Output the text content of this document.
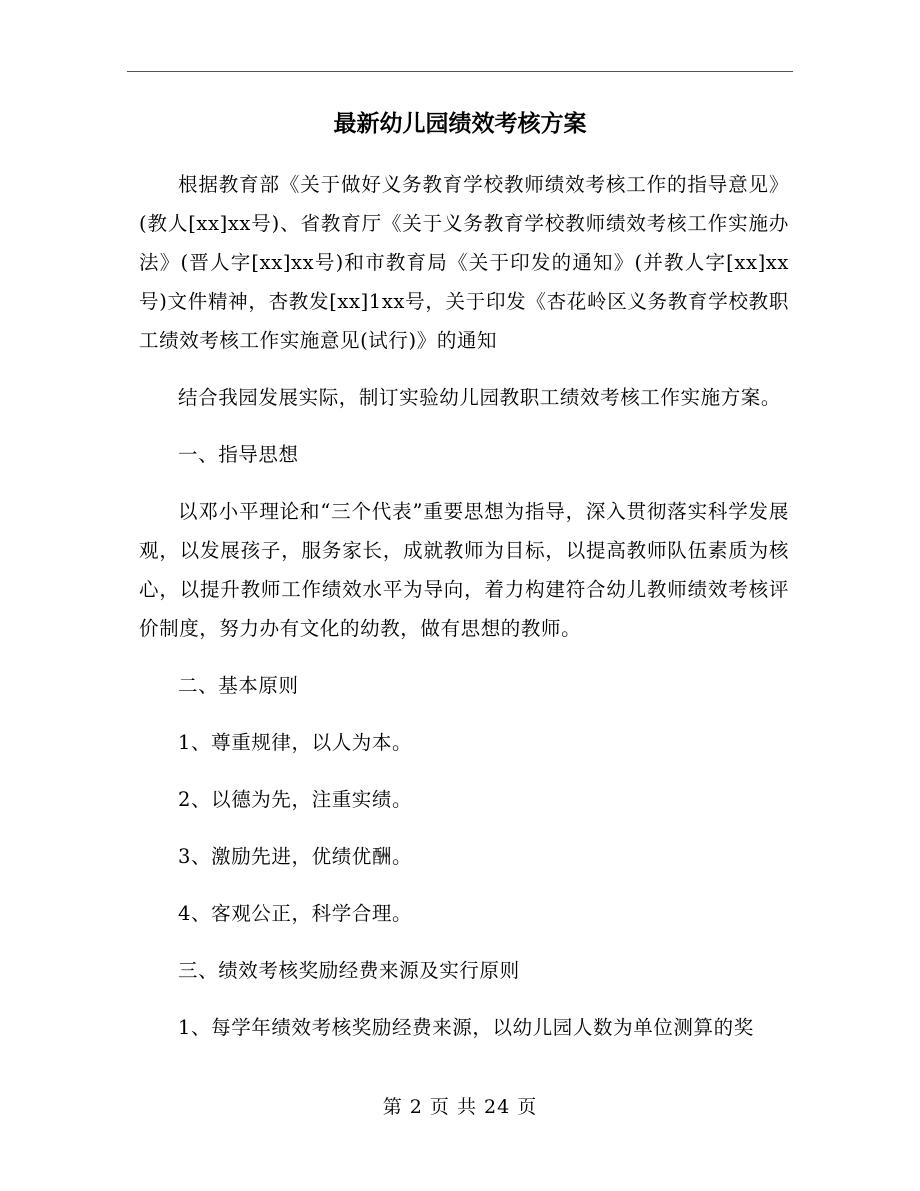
最新幼儿园绩效考核方案

根据教育部《关于做好义务教育学校教师绩效考核工作的指导意见》(教人[xx]xx号)、省教育厅《关于义务教育学校教师绩效考核工作实施办法》(晋人字[xx]xx号)和市教育局《关于印发的通知》(并教人字[xx]xx号)文件精神，杏教发[xx]1xx号，关于印发《杏花岭区义务教育学校教职工绩效考核工作实施意见(试行)》的通知

结合我园发展实际，制订实验幼儿园教职工绩效考核工作实施方案。

一、指导思想

以邓小平理论和“三个代表”重要思想为指导，深入贯彻落实科学发展观，以发展孩子，服务家长，成就教师为目标，以提高教师队伍素质为核心，以提升教师工作绩效水平为导向，着力构建符合幼儿教师绩效考核评价制度，努力办有文化的幼教，做有思想的教师。

二、基本原则

1、尊重规律，以人为本。

2、以德为先，注重实绩。

3、激励先进，优绩优酬。

4、客观公正，科学合理。

三、绩效考核奖励经费来源及实行原则

1、每学年绩效考核奖励经费来源，以幼儿园人数为单位测算的奖

第 2 页 共 24 页
